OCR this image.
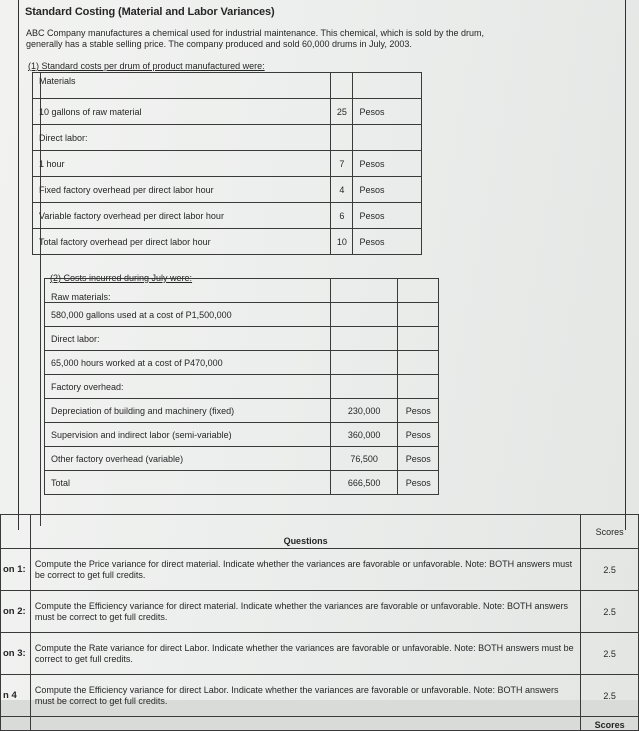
Standard Costing (Material and Labor Variances)
ABC Company manufactures a chemical used for industrial maintenance. This chemical, which is sold by the drum,
generally has a stable selling price. The company produced and sold 60,000 drums in July, 2003.
(1) Standard costs per drum of product manufactured were:
Materials		
10 gallons of raw material	25	Pesos
Direct labor:		
1 hour	7	Pesos
Fixed factory overhead per direct labor hour	4	Pesos
Variable factory overhead per direct labor hour	6	Pesos
Total factory overhead per direct labor hour	10	Pesos
(2) Costs incurred during July were:
Raw materials:		
580,000 gallons used at a cost of P1,500,000		
Direct labor:		
65,000 hours worked at a cost of P470,000		
Factory overhead:		
Depreciation of building and machinery (fixed)	230,000	Pesos
Supervision and indirect labor (semi-variable)	360,000	Pesos
Other factory overhead (variable)	76,500	Pesos
Total	666,500	Pesos
	Questions	Scores
on 1:	Compute the Price variance for direct material. Indicate whether the variances are favorable or unfavorable. Note: BOTH answers must be correct to get full credits.	2.5
on 2:	Compute the Efficiency variance for direct material. Indicate whether the variances are favorable or unfavorable. Note: BOTH answers must be correct to get full credits.	2.5
on 3:	Compute the Rate variance for direct Labor. Indicate whether the variances are favorable or unfavorable. Note: BOTH answers must be correct to get full credits.	2.5
n 4	Compute the Efficiency variance for direct Labor. Indicate whether the variances are favorable or unfavorable. Note: BOTH answers must be correct to get full credits.	2.5
		Scores
